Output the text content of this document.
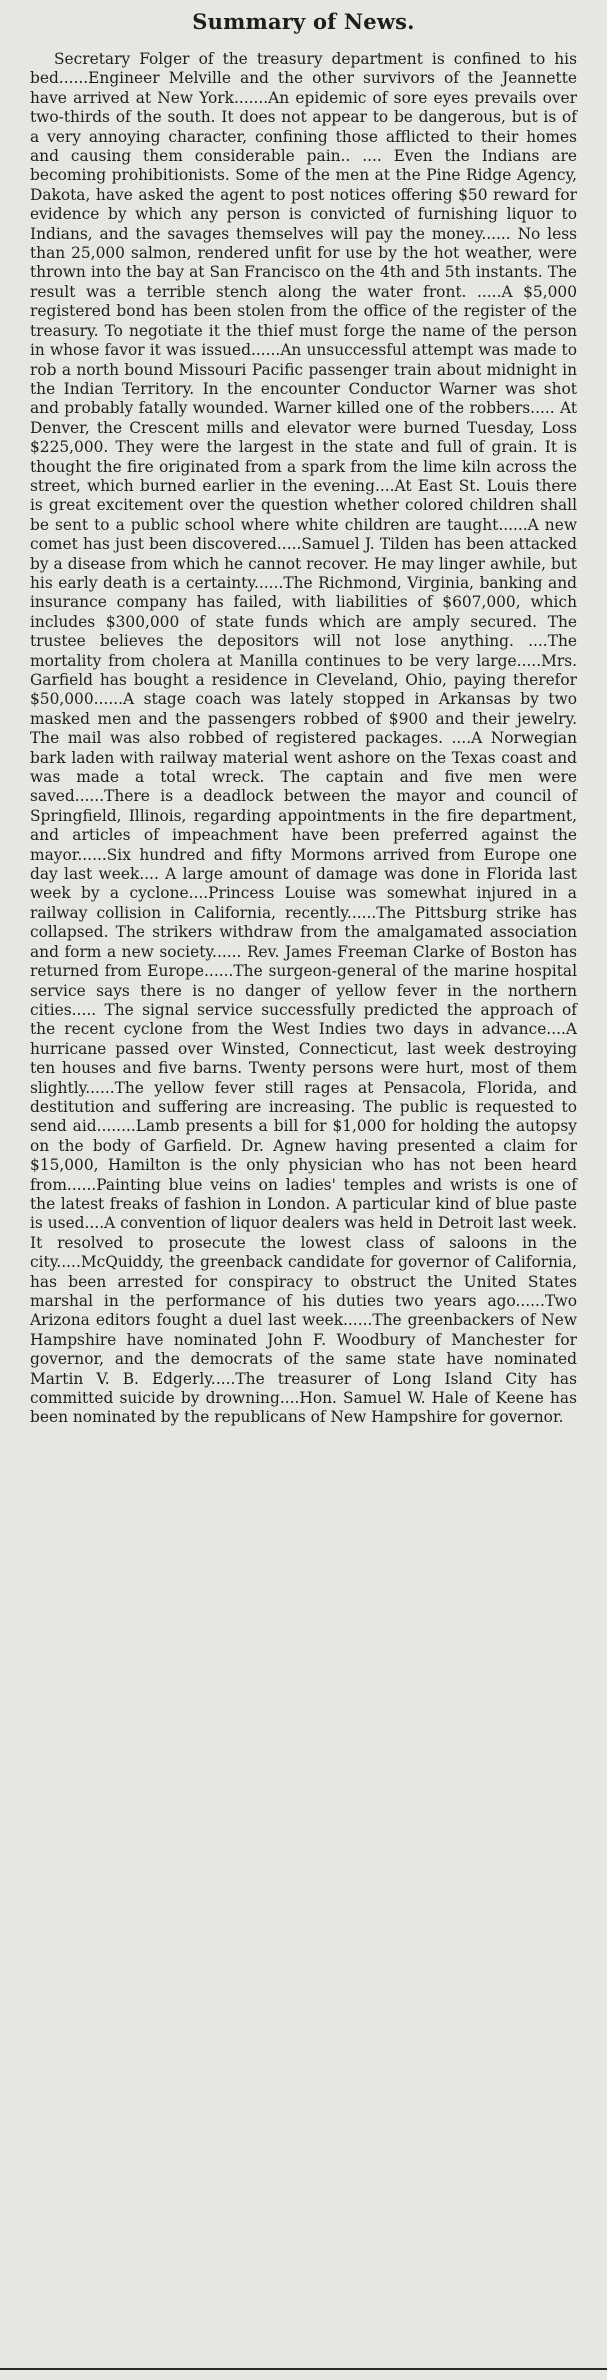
Summary of News.

Secretary Folger of the treasury department is confined to his bed......Engineer Melville and the other survivors of the Jeannette have arrived at New York.......An epidemic of sore eyes prevails over two-thirds of the south. It does not appear to be dangerous, but is of a very annoying character, confining those afflicted to their homes and causing them considerable pain.. .... Even the Indians are becoming prohibitionists. Some of the men at the Pine Ridge Agency, Dakota, have asked the agent to post notices offering $50 reward for evidence by which any person is convicted of furnishing liquor to Indians, and the savages themselves will pay the money...... No less than 25,000 salmon, rendered unfit for use by the hot weather, were thrown into the bay at San Francisco on the 4th and 5th instants. The result was a terrible stench along the water front. .....A $5,000 registered bond has been stolen from the office of the register of the treasury. To negotiate it the thief must forge the name of the person in whose favor it was issued......An unsuccessful attempt was made to rob a north bound Missouri Pacific passenger train about midnight in the Indian Territory. In the encounter Conductor Warner was shot and probably fatally wounded. Warner killed one of the robbers..... At Denver, the Crescent mills and elevator were burned Tuesday, Loss $225,000. They were the largest in the state and full of grain. It is thought the fire originated from a spark from the lime kiln across the street, which burned earlier in the evening....At East St. Louis there is great excitement over the question whether colored children shall be sent to a public school where white children are taught......A new comet has just been discovered.....Samuel J. Tilden has been attacked by a disease from which he cannot recover. He may linger awhile, but his early death is a certainty......The Richmond, Virginia, banking and insurance company has failed, with liabilities of $607,000, which includes $300,000 of state funds which are amply secured. The trustee believes the depositors will not lose anything. ....The mortality from cholera at Manilla continues to be very large.....Mrs. Garfield has bought a residence in Cleveland, Ohio, paying therefor $50,000......A stage coach was lately stopped in Arkansas by two masked men and the passengers robbed of $900 and their jewelry. The mail was also robbed of registered packages. ....A Norwegian bark laden with railway material went ashore on the Texas coast and was made a total wreck. The captain and five men were saved......There is a deadlock between the mayor and council of Springfield, Illinois, regarding appointments in the fire department, and articles of impeachment have been preferred against the mayor......Six hundred and fifty Mormons arrived from Europe one day last week.... A large amount of damage was done in Florida last week by a cyclone....Princess Louise was somewhat injured in a railway collision in California, recently......The Pittsburg strike has collapsed. The strikers withdraw from the amalgamated association and form a new society...... Rev. James Freeman Clarke of Boston has returned from Europe......The surgeon-general of the marine hospital service says there is no danger of yellow fever in the northern cities..... The signal service successfully predicted the approach of the recent cyclone from the West Indies two days in advance....A hurricane passed over Winsted, Connecticut, last week destroying ten houses and five barns. Twenty persons were hurt, most of them slightly......The yellow fever still rages at Pensacola, Florida, and destitution and suffering are increasing. The public is requested to send aid........Lamb presents a bill for $1,000 for holding the autopsy on the body of Garfield. Dr. Agnew having presented a claim for $15,000, Hamilton is the only physician who has not been heard from......Painting blue veins on ladies' temples and wrists is one of the latest freaks of fashion in London. A particular kind of blue paste is used....A convention of liquor dealers was held in Detroit last week. It resolved to prosecute the lowest class of saloons in the city.....McQuiddy, the greenback candidate for governor of California, has been arrested for conspiracy to obstruct the United States marshal in the performance of his duties two years ago......Two Arizona editors fought a duel last week......The greenbackers of New Hampshire have nominated John F. Woodbury of Manchester for governor, and the democrats of the same state have nominated Martin V. B. Edgerly.....The treasurer of Long Island City has committed suicide by drowning....Hon. Samuel W. Hale of Keene has been nominated by the republicans of New Hampshire for governor.
